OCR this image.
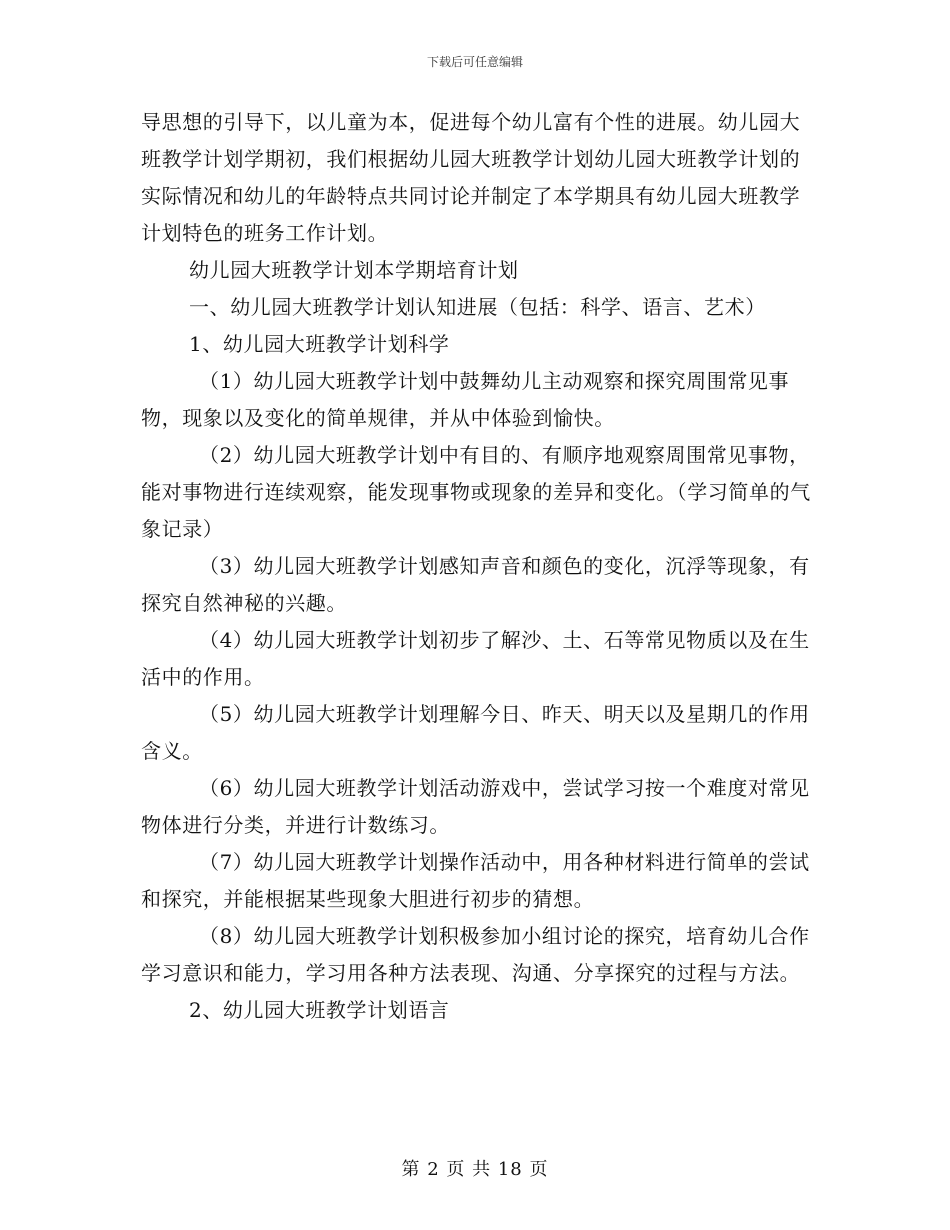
下载后可任意编辑

导思想的引导下，以儿童为本，促进每个幼儿富有个性的进展。幼儿园大班教学计划学期初，我们根据幼儿园大班教学计划幼儿园大班教学计划的实际情况和幼儿的年龄特点共同讨论并制定了本学期具有幼儿园大班教学计划特色的班务工作计划。

幼儿园大班教学计划本学期培育计划

一、幼儿园大班教学计划认知进展（包括：科学、语言、艺术）

1、幼儿园大班教学计划科学

（1）幼儿园大班教学计划中鼓舞幼儿主动观察和探究周围常见事物，现象以及变化的简单规律，并从中体验到愉快。

（2）幼儿园大班教学计划中有目的、有顺序地观察周围常见事物，能对事物进行连续观察，能发现事物或现象的差异和变化。（学习简单的气象记录）

（3）幼儿园大班教学计划感知声音和颜色的变化，沉浮等现象，有探究自然神秘的兴趣。

（4）幼儿园大班教学计划初步了解沙、土、石等常见物质以及在生活中的作用。

（5）幼儿园大班教学计划理解今日、昨天、明天以及星期几的作用含义。

（6）幼儿园大班教学计划活动游戏中，尝试学习按一个难度对常见物体进行分类，并进行计数练习。

（7）幼儿园大班教学计划操作活动中，用各种材料进行简单的尝试和探究，并能根据某些现象大胆进行初步的猜想。

（8）幼儿园大班教学计划积极参加小组讨论的探究，培育幼儿合作学习意识和能力，学习用各种方法表现、沟通、分享探究的过程与方法。

2、幼儿园大班教学计划语言

第 2 页 共 18 页
